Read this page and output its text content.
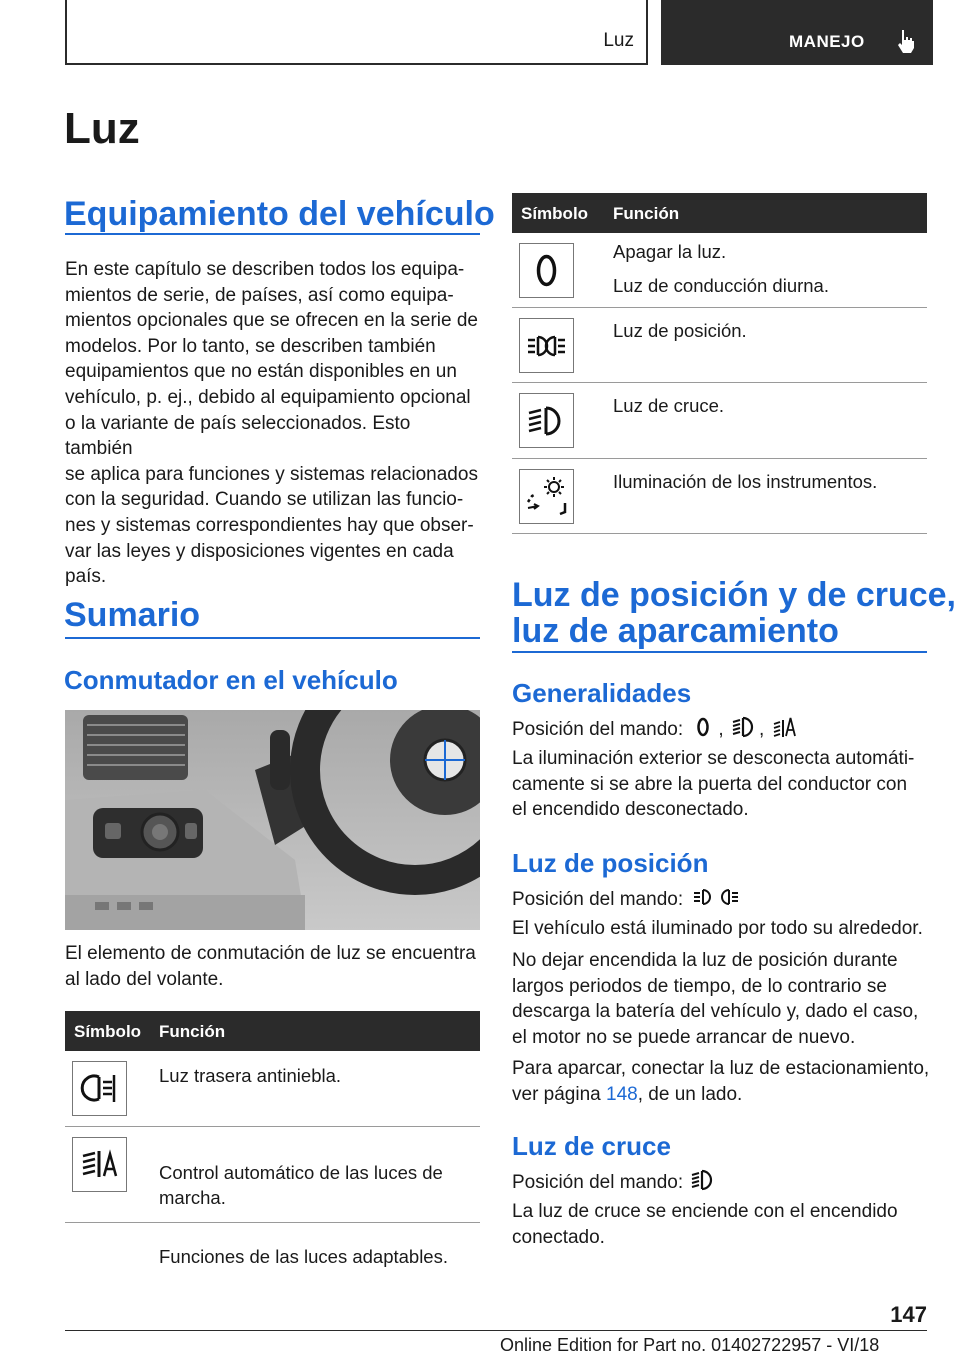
Luz	MANEJO
Luz
Equipamiento del vehículo
En este capítulo se describen todos los equipa-
mientos de serie, de países, así como equipa-
mientos opcionales que se ofrecen en la serie de
modelos. Por lo tanto, se describen también
equipamientos que no están disponibles en un
vehículo, p. ej., debido al equipamiento opcional
o la variante de país seleccionados. Esto también
se aplica para funciones y sistemas relacionados
con la seguridad. Cuando se utilizan las funcio-
nes y sistemas correspondientes hay que obser-
var las leyes y disposiciones vigentes en cada
país.
Sumario
Conmutador en el vehículo
El elemento de conmutación de luz se encuentra
al lado del volante.
Símbolo Función

Luz trasera antiniebla.

Control automático de las luces de
marcha.

Funciones de las luces adaptables.

Símbolo Función

Apagar la luz.

Luz de conducción diurna.

Luz de posición.

Luz de cruce.

Iluminación de los instrumentos.

Luz de posición y de cruce,
luz de aparcamiento
Generalidades
Posición del mando: , ,
La iluminación exterior se desconecta automáti-
camente si se abre la puerta del conductor con
el encendido desconectado.
Luz de posición
Posición del mando:
El vehículo está iluminado por todo su alrededor.
No dejar encendida la luz de posición durante
largos periodos de tiempo, de lo contrario se
descarga la batería del vehículo y, dado el caso,
el motor no se puede arrancar de nuevo.
Para aparcar, conectar la luz de estacionamiento,
ver página 148, de un lado.
Luz de cruce
Posición del mando:
La luz de cruce se enciende con el encendido
conectado.
147
Online Edition for Part no. 01402722957 - VI/18
